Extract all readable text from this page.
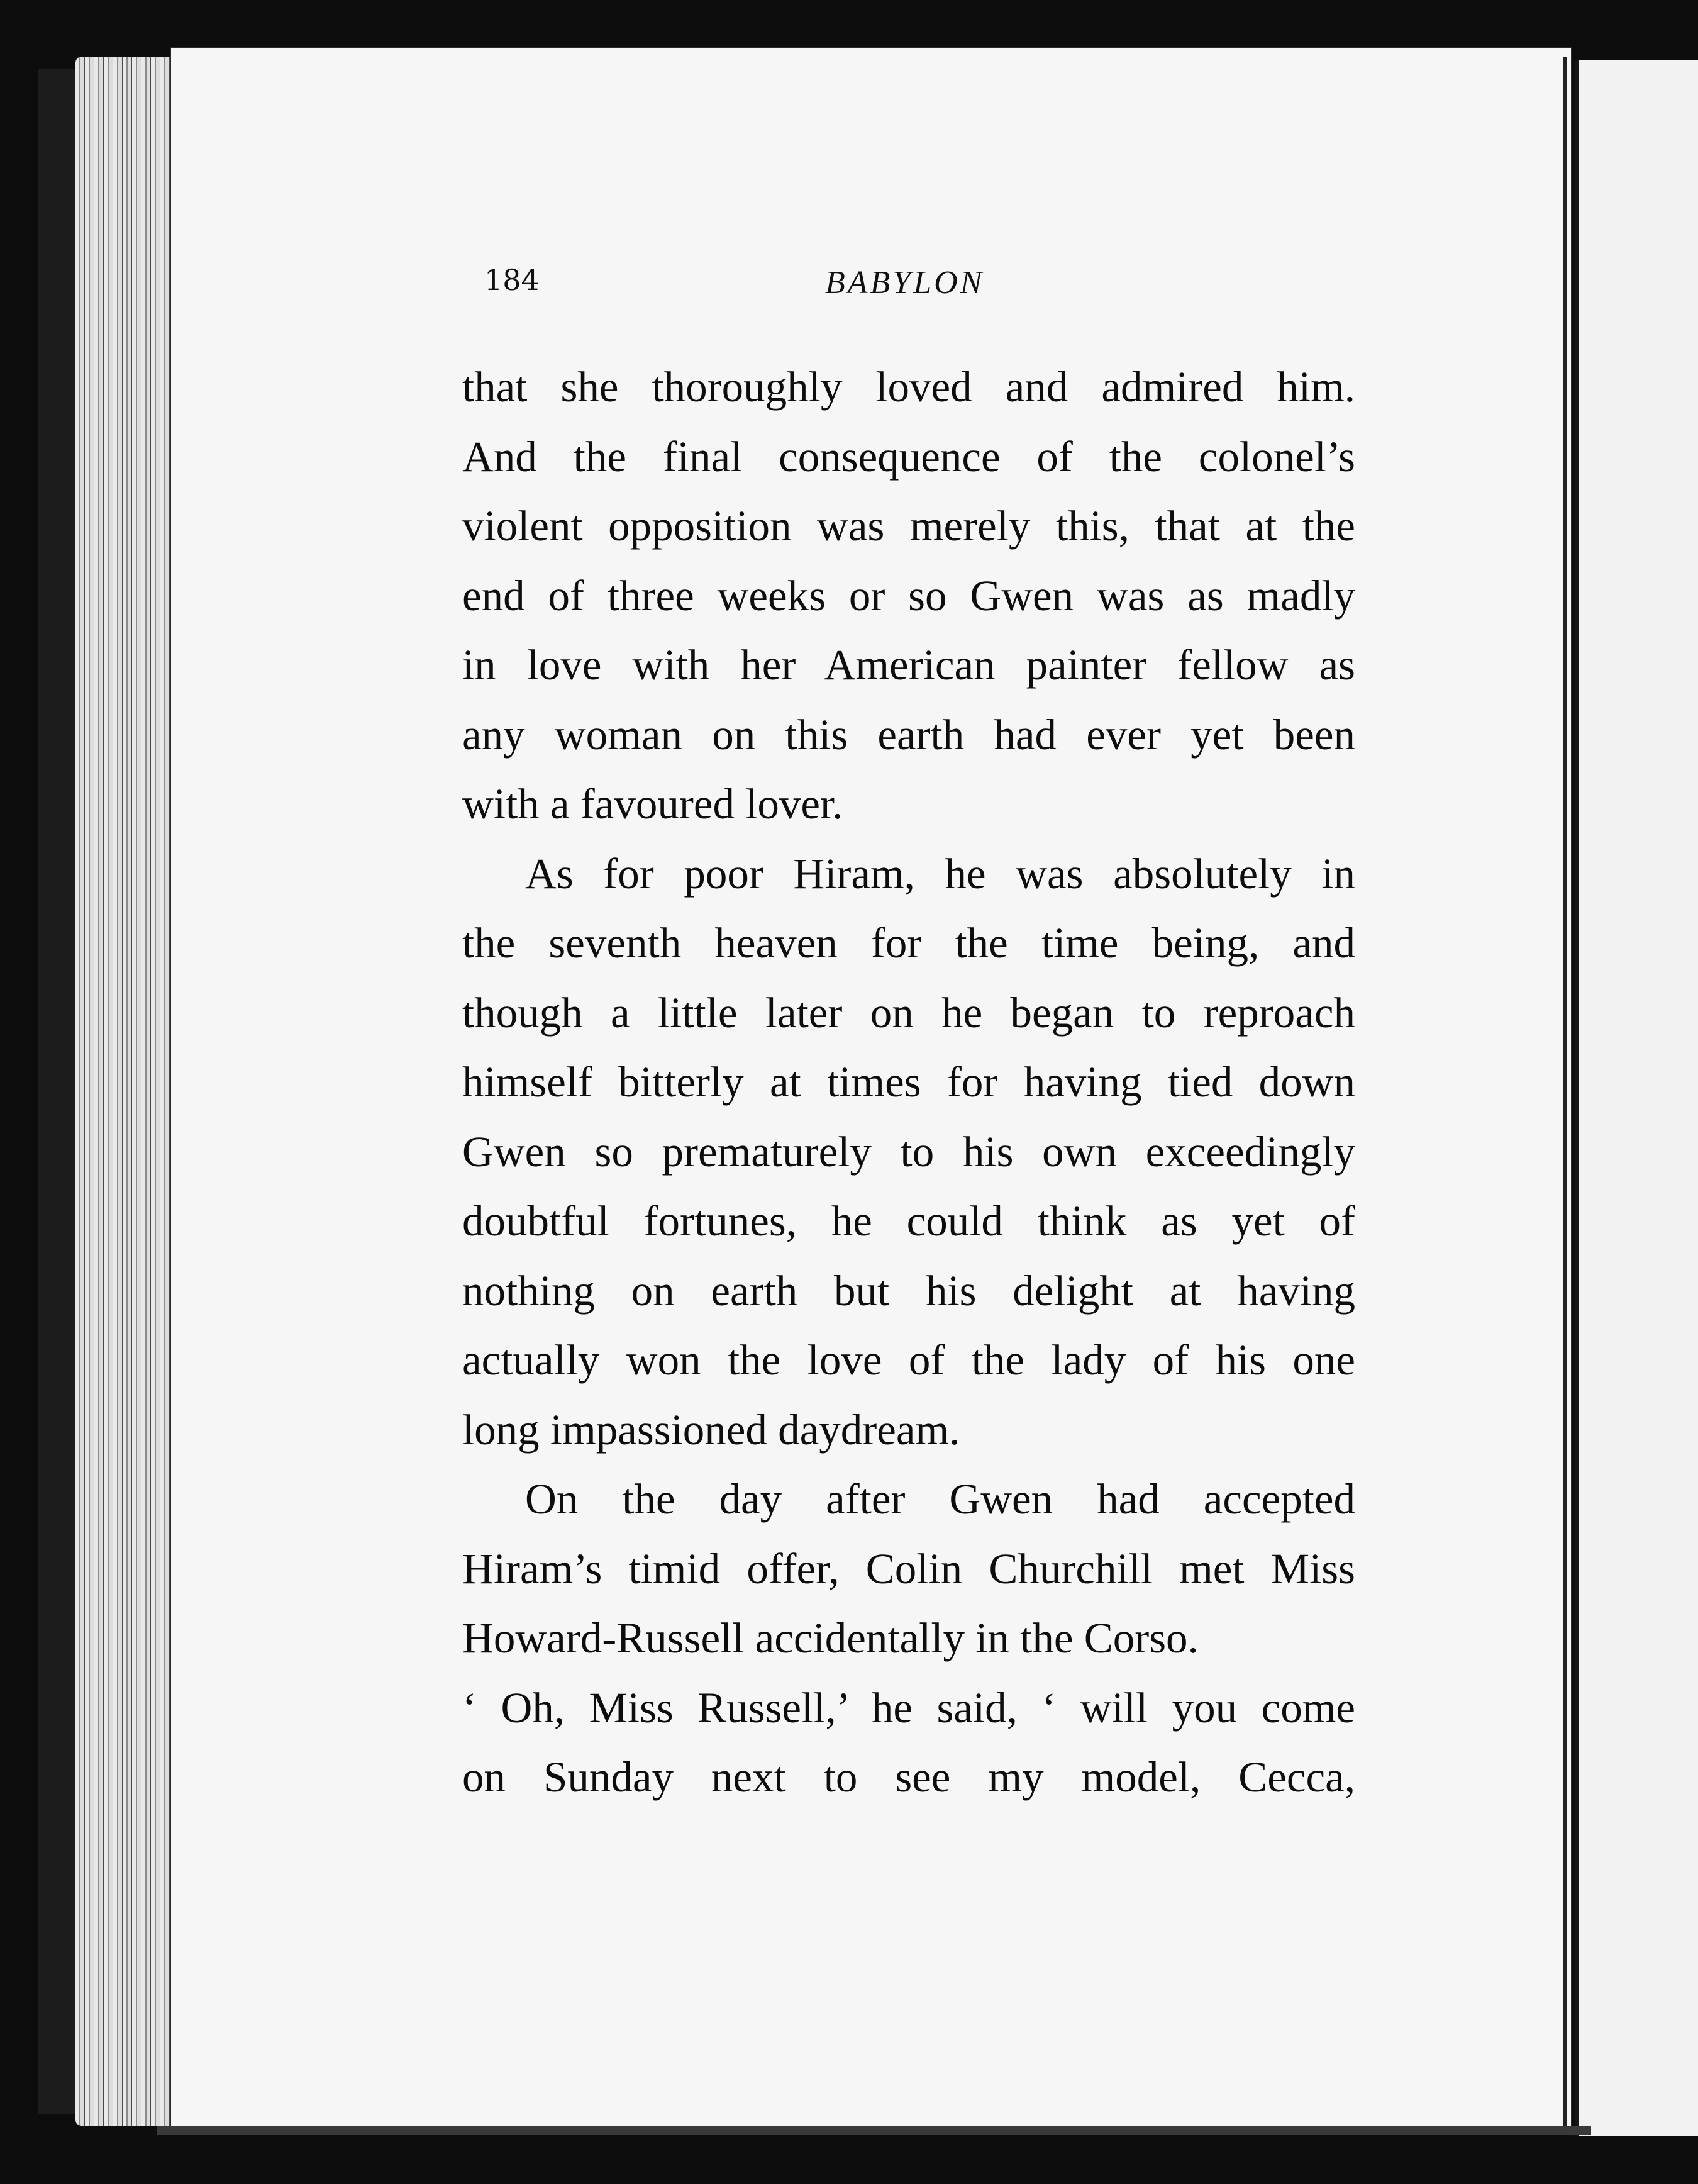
184	BABYLON
that she thoroughly loved and admired him.
And the final consequence of the colonel’s
violent opposition was merely this, that at the
end of three weeks or so Gwen was as madly
in love with her American painter fellow as
any woman on this earth had ever yet been
with a favoured lover.
As for poor Hiram, he was absolutely in
the seventh heaven for the time being, and
though a little later on he began to reproach
himself bitterly at times for having tied down
Gwen so prematurely to his own exceedingly
doubtful fortunes, he could think as yet of
nothing on earth but his delight at having
actually won the love of the lady of his one
long impassioned daydream.
On the day after Gwen had accepted
Hiram’s timid offer, Colin Churchill met Miss
Howard-Russell accidentally in the Corso.
‘ Oh, Miss Russell,’ he said, ‘ will you come
on Sunday next to see my model, Cecca,
